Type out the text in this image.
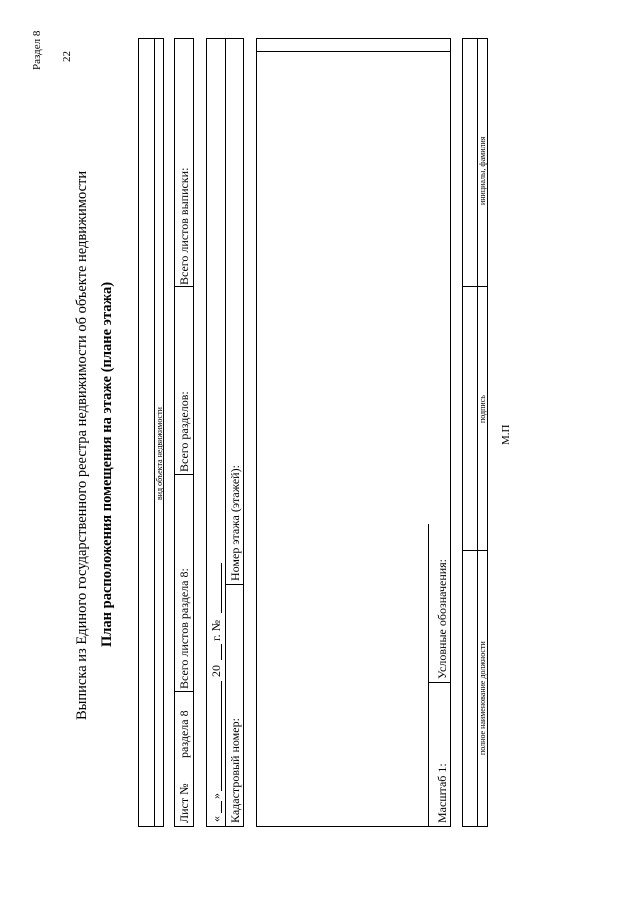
22
Раздел 8
Выписка из Единого государственного реестра недвижимости об объекте недвижимости План расположения помещения на этаже (плане этажа)	вид объекта недвижимости
Лист №
раздела 8
Всего листов раздела 8:
Всего разделов:
Всего листов выписки:
«
»
20
г. №
Кадастровый номер:
Номер этажа (этажей):
Масштаб 1:
Условные обозначения:
полное наименование должности
подпись
инициалы, фамилия
М.П
